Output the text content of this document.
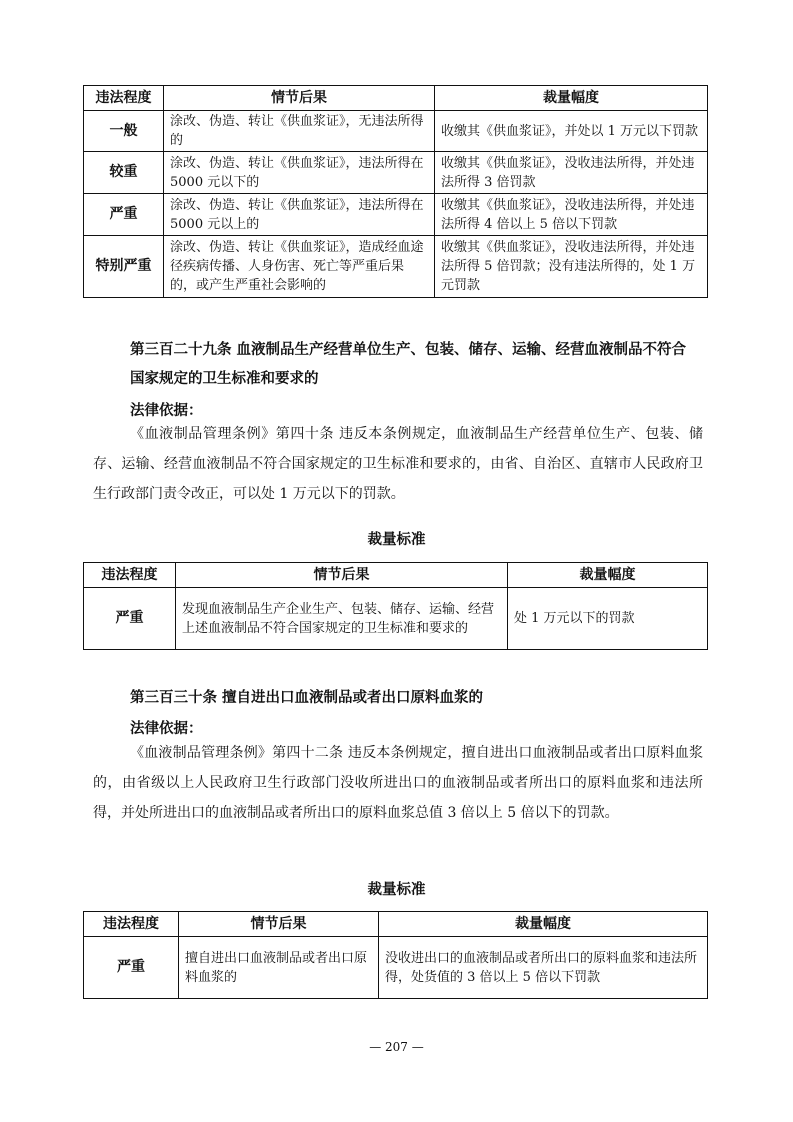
违法程度	情节后果	裁量幅度
一般	涂改、伪造、转让《供血浆证》，无违法所得的	收缴其《供血浆证》，并处以 1 万元以下罚款
较重	涂改、伪造、转让《供血浆证》，违法所得在 5000 元以下的	收缴其《供血浆证》，没收违法所得，并处违法所得 3 倍罚款
严重	涂改、伪造、转让《供血浆证》，违法所得在 5000 元以上的	收缴其《供血浆证》，没收违法所得，并处违法所得 4 倍以上 5 倍以下罚款
特别严重	涂改、伪造、转让《供血浆证》，造成经血途径疾病传播、人身伤害、死亡等严重后果的，或产生严重社会影响的	收缴其《供血浆证》，没收违法所得，并处违法所得 5 倍罚款；没有违法所得的，处 1 万元罚款
第三百二十九条 血液制品生产经营单位生产、包装、储存、运输、经营血液制品不符合国家规定的卫生标准和要求的
法律依据：
《血液制品管理条例》第四十条 违反本条例规定，血液制品生产经营单位生产、包装、储存、运输、经营血液制品不符合国家规定的卫生标准和要求的，由省、自治区、直辖市人民政府卫生行政部门责令改正，可以处 1 万元以下的罚款。
裁量标准
违法程度	情节后果	裁量幅度
严重	发现血液制品生产企业生产、包装、储存、运输、经营上述血液制品不符合国家规定的卫生标准和要求的	处 1 万元以下的罚款
第三百三十条 擅自进出口血液制品或者出口原料血浆的
法律依据：
《血液制品管理条例》第四十二条 违反本条例规定，擅自进出口血液制品或者出口原料血浆的，由省级以上人民政府卫生行政部门没收所进出口的血液制品或者所出口的原料血浆和违法所得，并处所进出口的血液制品或者所出口的原料血浆总值 3 倍以上 5 倍以下的罚款。
裁量标准
违法程度	情节后果	裁量幅度
严重	擅自进出口血液制品或者出口原料血浆的	没收进出口的血液制品或者所出口的原料血浆和违法所得，处货值的 3 倍以上 5 倍以下罚款
— 207 —
